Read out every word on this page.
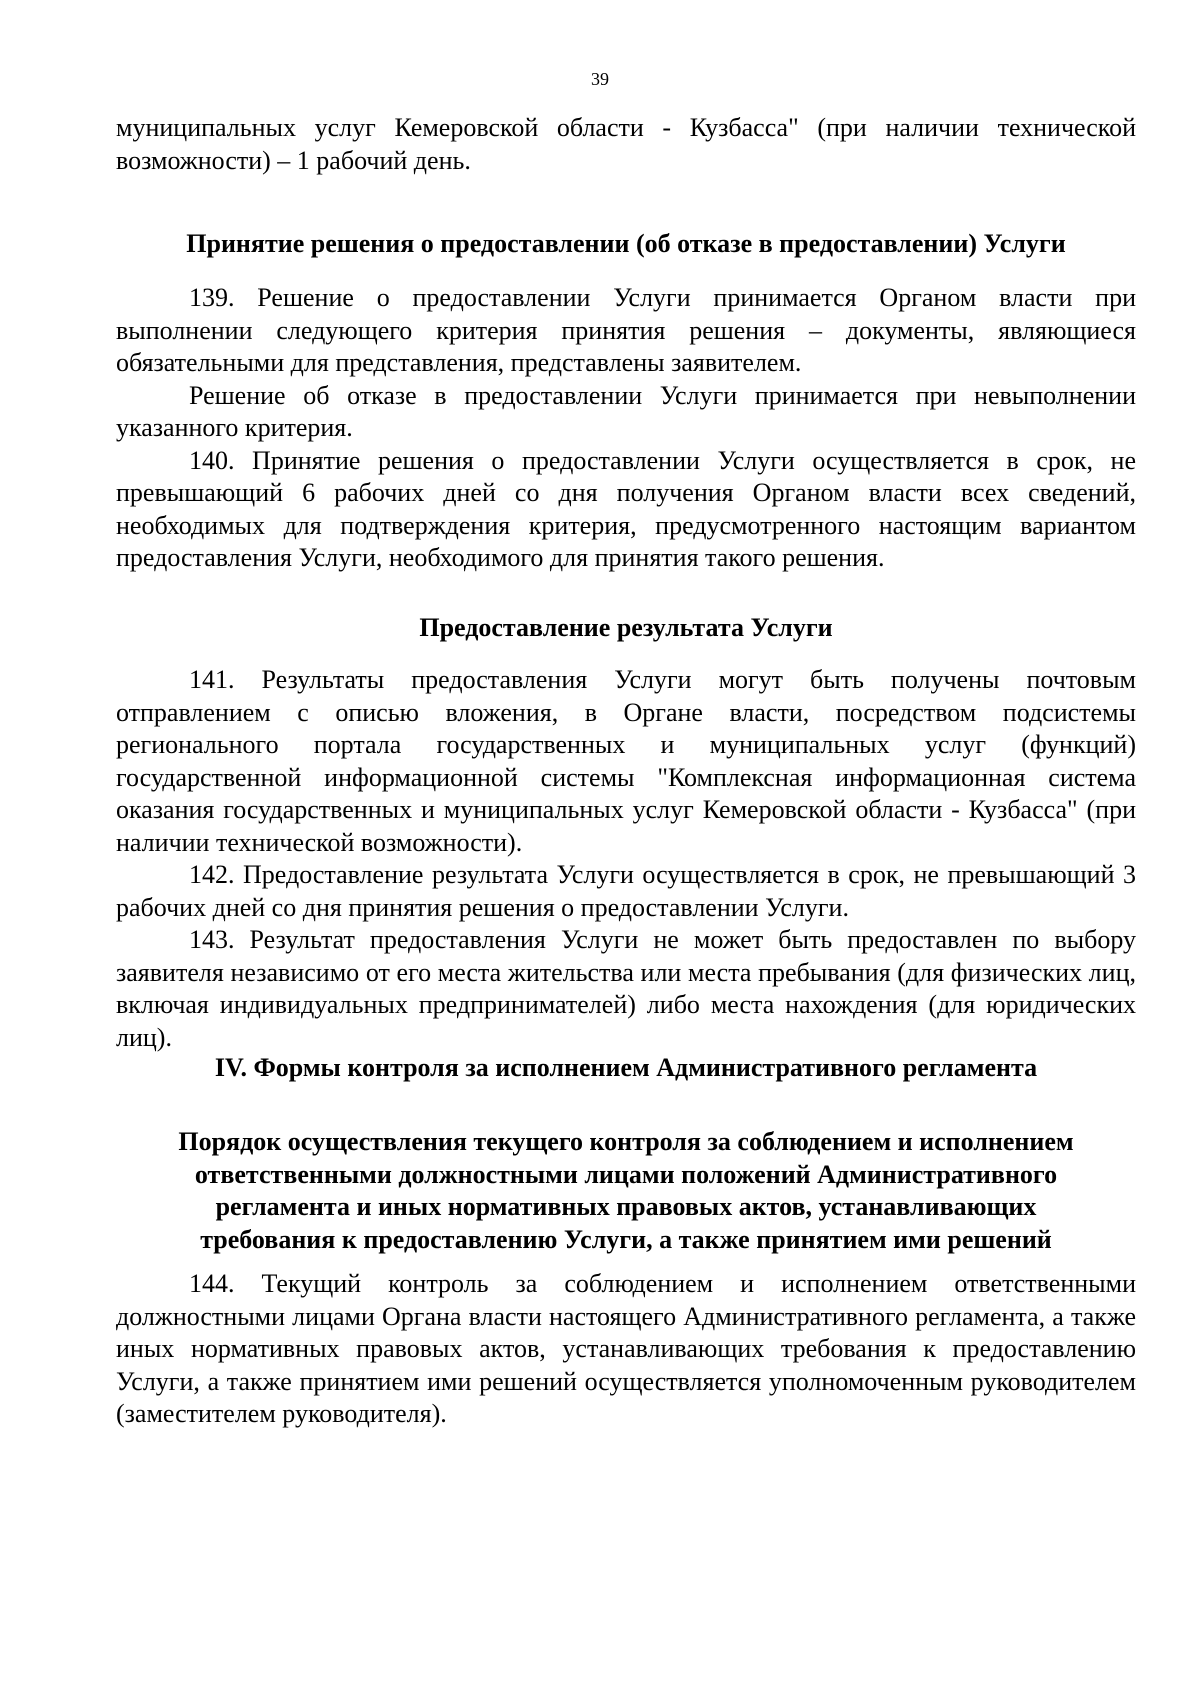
39

муниципальных услуг Кемеровской области - Кузбасса" (при наличии технической возможности) – 1 рабочий день.

Принятие решения о предоставлении (об отказе в предоставлении) Услуги

139. Решение о предоставлении Услуги принимается Органом власти при выполнении следующего критерия принятия решения – документы, являющиеся обязательными для представления, представлены заявителем.

Решение об отказе в предоставлении Услуги принимается при невыполнении указанного критерия.

140. Принятие решения о предоставлении Услуги осуществляется в срок, не превышающий 6 рабочих дней со дня получения Органом власти всех сведений, необходимых для подтверждения критерия, предусмотренного настоящим вариантом предоставления Услуги, необходимого для принятия такого решения.

Предоставление результата Услуги

141. Результаты предоставления Услуги могут быть получены почтовым отправлением с описью вложения, в Органе власти, посредством подсистемы регионального портала государственных и муниципальных услуг (функций) государственной информационной системы "Комплексная информационная система оказания государственных и муниципальных услуг Кемеровской области - Кузбасса" (при наличии технической возможности).

142. Предоставление результата Услуги осуществляется в срок, не превышающий 3 рабочих дней со дня принятия решения о предоставлении Услуги.

143. Результат предоставления Услуги не может быть предоставлен по выбору заявителя независимо от его места жительства или места пребывания (для физических лиц, включая индивидуальных предпринимателей) либо места нахождения (для юридических лиц).

IV. Формы контроля за исполнением Административного регламента
Порядок осуществления текущего контроля за соблюдением и исполнением
ответственными должностными лицами положений Административного
регламента и иных нормативных правовых актов, устанавливающих
требования к предоставлению Услуги, а также принятием ими решений

144. Текущий контроль за соблюдением и исполнением ответственными должностными лицами Органа власти настоящего Административного регламента, а также иных нормативных правовых актов, устанавливающих требования к предоставлению Услуги, а также принятием ими решений осуществляется уполномоченным руководителем (заместителем руководителя).
